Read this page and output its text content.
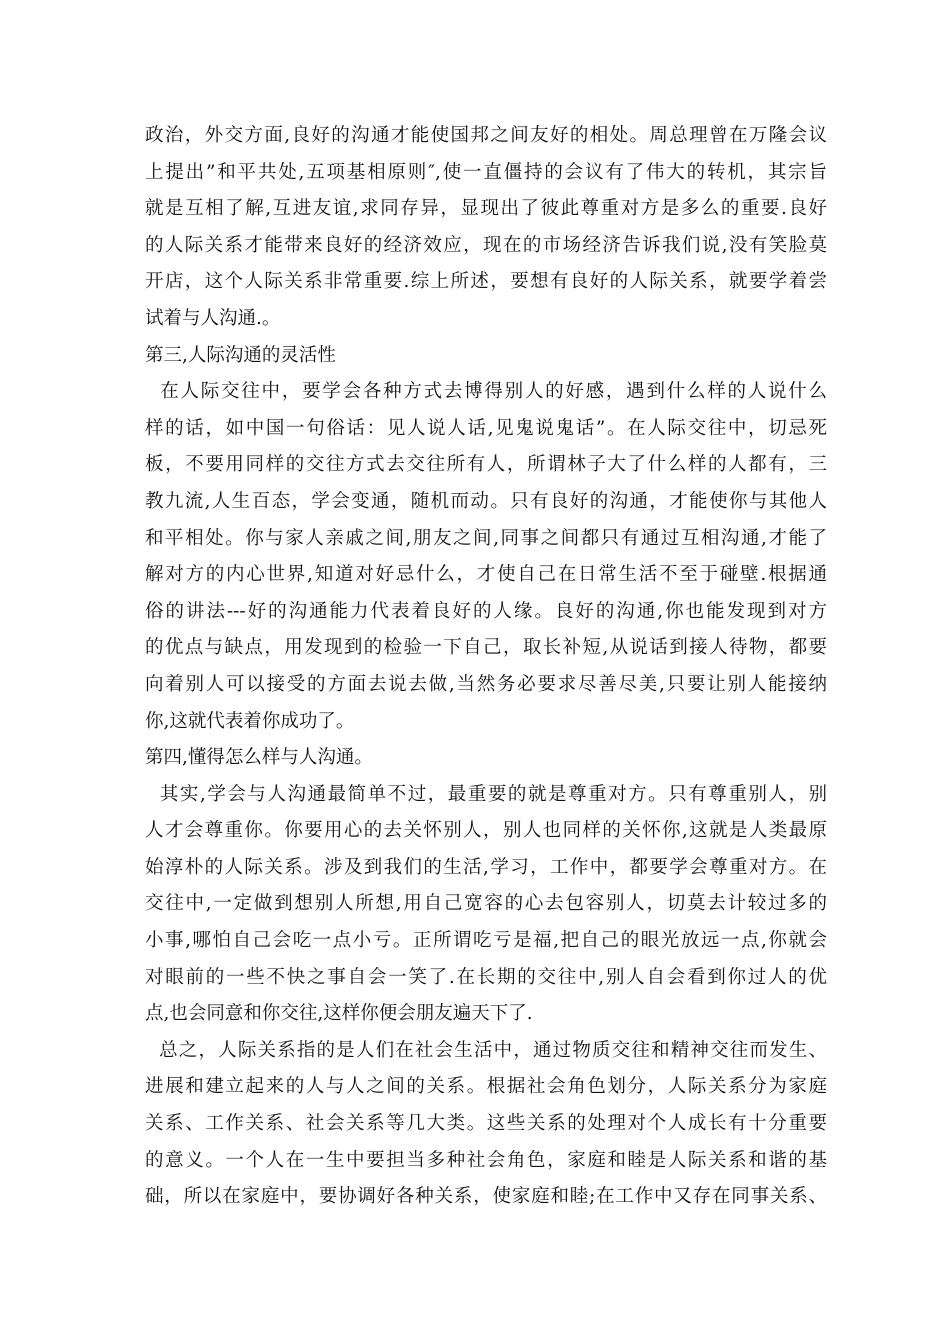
政治，外交方面,良好的沟通才能使国邦之间友好的相处。周总理曾在万隆会议
上提出”和平共处,五项基相原则″,使一直僵持的会议有了伟大的转机，其宗旨
就是互相了解,互进友谊,求同存异，显现出了彼此尊重对方是多么的重要.良好
的人际关系才能带来良好的经济效应，现在的市场经济告诉我们说,没有笑脸莫
开店，这个人际关系非常重要.综上所述，要想有良好的人际关系，就要学着尝
试着与人沟通.。
第三,人际沟通的灵活性
在人际交往中，要学会各种方式去博得别人的好感，遇到什么样的人说什么
样的话，如中国一句俗话：见人说人话,见鬼说鬼话”。在人际交往中，切忌死
板，不要用同样的交往方式去交往所有人，所谓林子大了什么样的人都有，三
教九流,人生百态，学会变通，随机而动。只有良好的沟通，才能使你与其他人
和平相处。你与家人亲戚之间,朋友之间,同事之间都只有通过互相沟通,才能了
解对方的内心世界,知道对好忌什么，才使自己在日常生活不至于碰壁.根据通
俗的讲法---好的沟通能力代表着良好的人缘。良好的沟通,你也能发现到对方
的优点与缺点，用发现到的检验一下自己，取长补短,从说话到接人待物，都要
向着别人可以接受的方面去说去做,当然务必要求尽善尽美,只要让别人能接纳
你,这就代表着你成功了。
第四,懂得怎么样与人沟通。
其实,学会与人沟通最简单不过，最重要的就是尊重对方。只有尊重别人，别
人才会尊重你。你要用心的去关怀别人，别人也同样的关怀你,这就是人类最原
始淳朴的人际关系。涉及到我们的生活,学习，工作中，都要学会尊重对方。在
交往中,一定做到想别人所想,用自己宽容的心去包容别人，切莫去计较过多的
小事,哪怕自己会吃一点小亏。正所谓吃亏是福,把自己的眼光放远一点,你就会
对眼前的一些不快之事自会一笑了.在长期的交往中,别人自会看到你过人的优
点,也会同意和你交往,这样你便会朋友遍天下了.
总之，人际关系指的是人们在社会生活中，通过物质交往和精神交往而发生、
进展和建立起来的人与人之间的关系。根据社会角色划分，人际关系分为家庭
关系、工作关系、社会关系等几大类。这些关系的处理对个人成长有十分重要
的意义。一个人在一生中要担当多种社会角色，家庭和睦是人际关系和谐的基
础，所以在家庭中，要协调好各种关系，使家庭和睦;在工作中又存在同事关系、
